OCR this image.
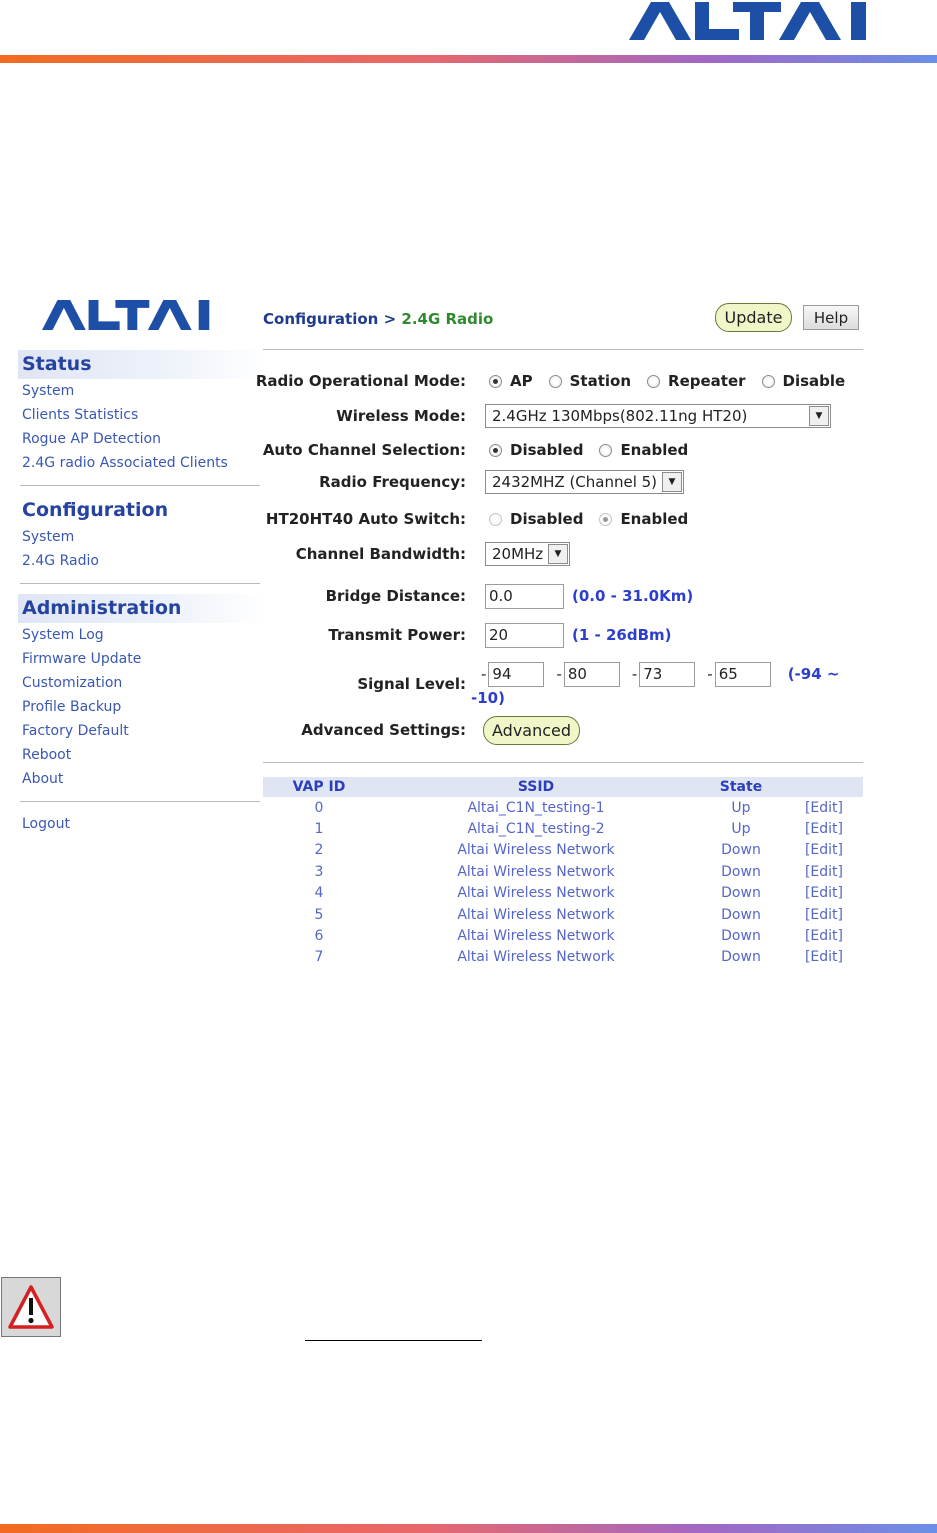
Status
System
Clients Statistics
Rogue AP Detection
2.4G radio Associated Clients
Configuration
System
2.4G Radio
Administration
System Log
Firmware Update
Customization
Profile Backup
Factory Default
Reboot
About
Logout
Configuration > 2.4G Radio	Update	Help
Radio Operational Mode:	AP Station Repeater Disable
Wireless Mode: 2.4GHz 130Mbps(802.11ng HT20)	▼
Auto Channel Selection:	Disabled Enabled
Radio Frequency: 2432MHZ (Channel 5)	▼
HT20HT40 Auto Switch:	Disabled Enabled
Channel Bandwidth: 20MHz	▼
Bridge Distance:
0.0	(0.0 - 31.0Km)
Transmit Power:
20	(1 - 26dBm)
Signal Level:
-
94	-
80	-
73	-
65	(-94 ~
-10)
Advanced Settings:	Advanced
VAP ID	SSID	State
0	Altai_C1N_testing-1	Up	[Edit]
1	Altai_C1N_testing-2	Up	[Edit]
2	Altai Wireless Network	Down	[Edit]
3	Altai Wireless Network	Down	[Edit]
4	Altai Wireless Network	Down	[Edit]
5	Altai Wireless Network	Down	[Edit]
6	Altai Wireless Network	Down	[Edit]
7	Altai Wireless Network	Down	[Edit]
